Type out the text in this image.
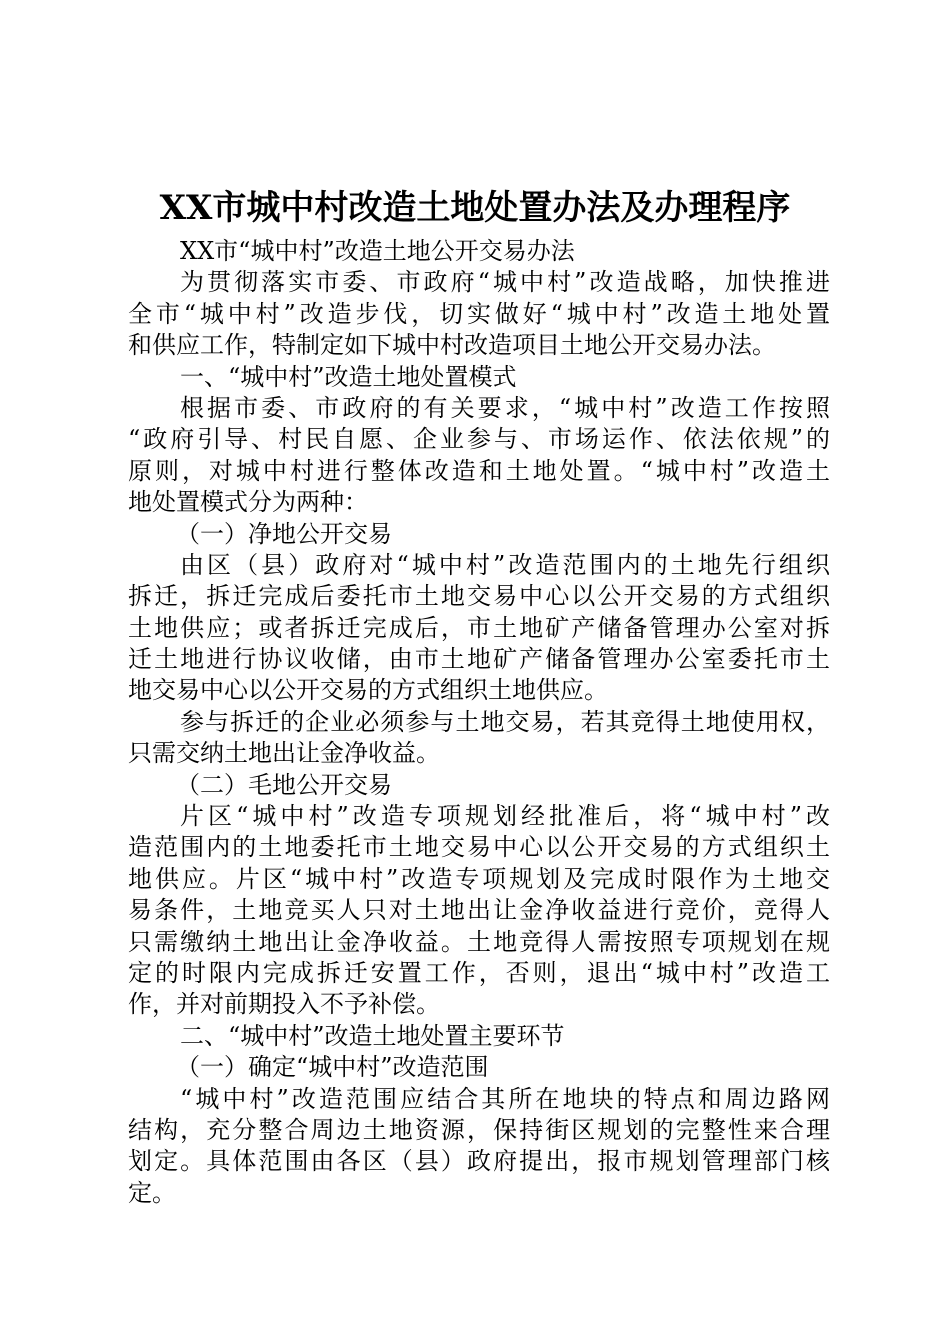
XX市城中村改造土地处置办法及办理程序
XX市“城中村”改造土地公开交易办法
为贯彻落实市委、市政府“城中村”改造战略，加快推进
全市“城中村”改造步伐，切实做好“城中村”改造土地处置
和供应工作，特制定如下城中村改造项目土地公开交易办法。
一、“城中村”改造土地处置模式
根据市委、市政府的有关要求，“城中村”改造工作按照
“政府引导、村民自愿、企业参与、市场运作、依法依规”的
原则，对城中村进行整体改造和土地处置。“城中村”改造土
地处置模式分为两种：
（一）净地公开交易
由区（县）政府对“城中村”改造范围内的土地先行组织
拆迁，拆迁完成后委托市土地交易中心以公开交易的方式组织
土地供应；或者拆迁完成后，市土地矿产储备管理办公室对拆
迁土地进行协议收储，由市土地矿产储备管理办公室委托市土
地交易中心以公开交易的方式组织土地供应。
参与拆迁的企业必须参与土地交易，若其竞得土地使用权，
只需交纳土地出让金净收益。
（二）毛地公开交易
片区“城中村”改造专项规划经批准后，将“城中村”改
造范围内的土地委托市土地交易中心以公开交易的方式组织土
地供应。片区“城中村”改造专项规划及完成时限作为土地交
易条件，土地竞买人只对土地出让金净收益进行竞价，竞得人
只需缴纳土地出让金净收益。土地竞得人需按照专项规划在规
定的时限内完成拆迁安置工作，否则，退出“城中村”改造工
作，并对前期投入不予补偿。
二、“城中村”改造土地处置主要环节
（一）确定“城中村”改造范围
“城中村”改造范围应结合其所在地块的特点和周边路网
结构，充分整合周边土地资源，保持街区规划的完整性来合理
划定。具体范围由各区（县）政府提出，报市规划管理部门核
定。
